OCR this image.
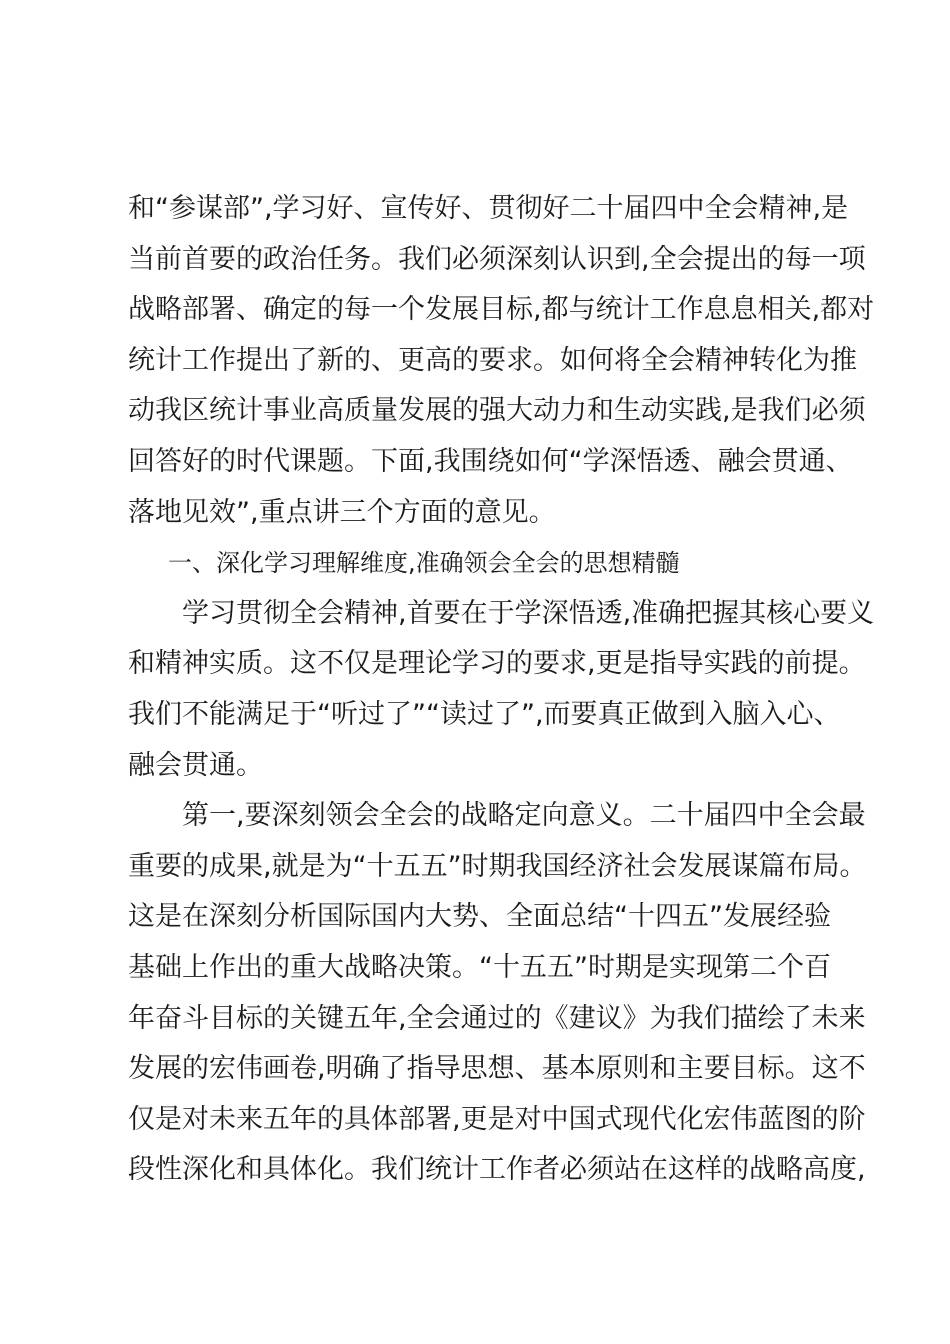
和“参谋部”,学习好、宣传好、贯彻好二十届四中全会精神,是
当前首要的政治任务。我们必须深刻认识到,全会提出的每一项
战略部署、确定的每一个发展目标,都与统计工作息息相关,都对
统计工作提出了新的、更高的要求。如何将全会精神转化为推
动我区统计事业高质量发展的强大动力和生动实践,是我们必须
回答好的时代课题。下面,我围绕如何“学深悟透、融会贯通、
落地见效”,重点讲三个方面的意见。
一、深化学习理解维度,准确领会全会的思想精髓
学习贯彻全会精神,首要在于学深悟透,准确把握其核心要义
和精神实质。这不仅是理论学习的要求,更是指导实践的前提。
我们不能满足于“听过了”“读过了”,而要真正做到入脑入心、
融会贯通。
第一,要深刻领会全会的战略定向意义。二十届四中全会最
重要的成果,就是为“十五五”时期我国经济社会发展谋篇布局。
这是在深刻分析国际国内大势、全面总结“十四五”发展经验
基础上作出的重大战略决策。“十五五”时期是实现第二个百
年奋斗目标的关键五年,全会通过的《建议》为我们描绘了未来
发展的宏伟画卷,明确了指导思想、基本原则和主要目标。这不
仅是对未来五年的具体部署,更是对中国式现代化宏伟蓝图的阶
段性深化和具体化。我们统计工作者必须站在这样的战略高度,
